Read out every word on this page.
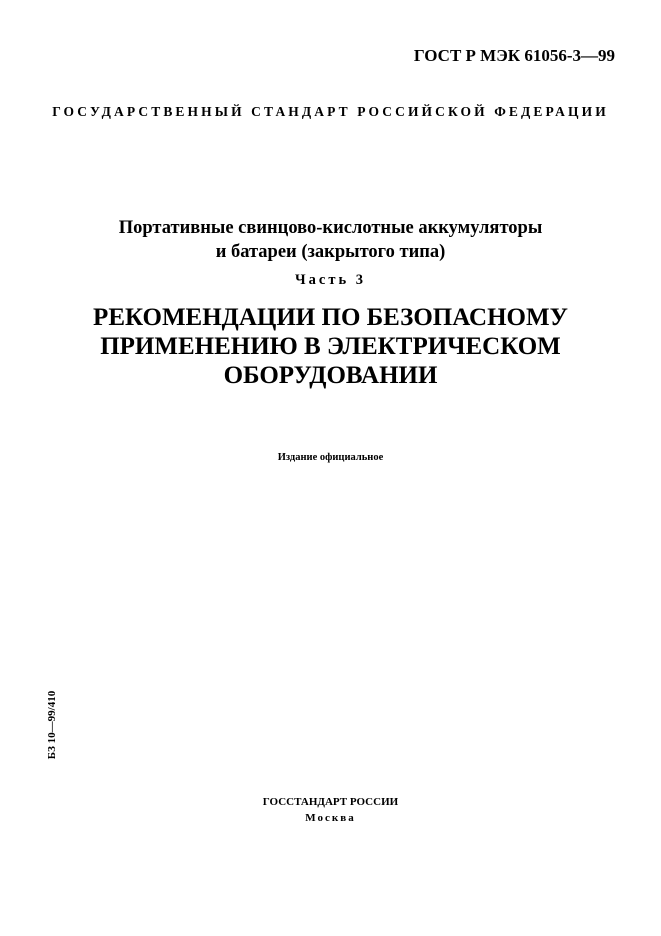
ГОСТ Р МЭК 61056-3—99
ГОСУДАРСТВЕННЫЙ СТАНДАРТ РОССИЙСКОЙ ФЕДЕРАЦИИ
Портативные свинцово-кислотные аккумуляторы
и батареи (закрытого типа)
Часть 3
РЕКОМЕНДАЦИИ ПО БЕЗОПАСНОМУ
ПРИМЕНЕНИЮ В ЭЛЕКТРИЧЕСКОМ
ОБОРУДОВАНИИ
Издание официальное
БЗ 10—99/410
ГОССТАНДАРТ РОССИИ
Москва
